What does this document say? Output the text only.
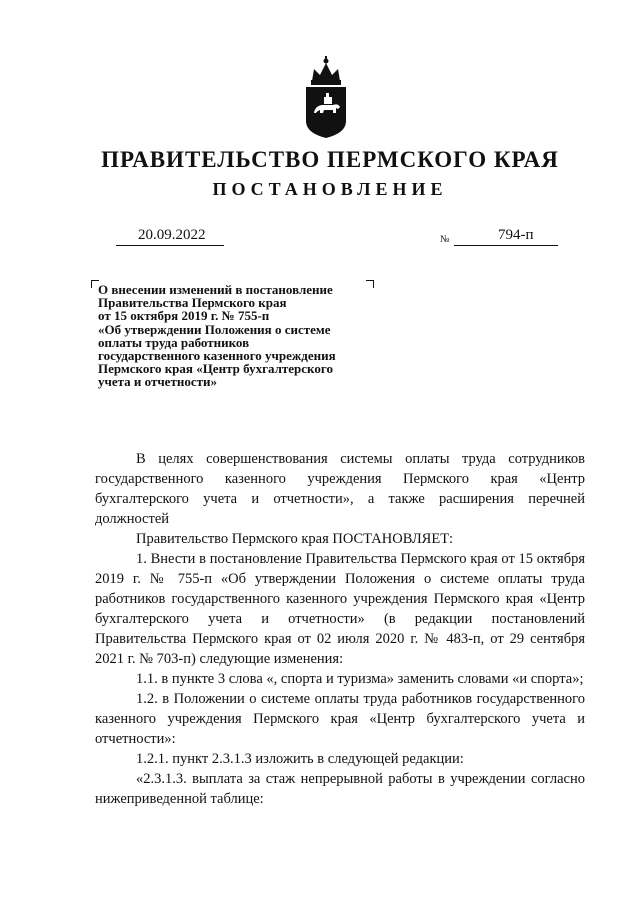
ПРАВИТЕЛЬСТВО ПЕРМСКОГО КРАЯ
ПОСТАНОВЛЕНИЕ
20.09.2022	№	794-п
О внесении изменений в постановление
Правительства Пермского края
от 15 октября 2019 г. № 755-п
«Об утверждении Положения о системе
оплаты труда работников
государственного казенного учреждения
Пермского края «Центр бухгалтерского
учета и отчетности»

В целях совершенствования системы оплаты труда сотрудников государственного казенного учреждения Пермского края «Центр бухгалтерского учета и отчетности», а также расширения перечней должностей

Правительство Пермского края ПОСТАНОВЛЯЕТ:

1. Внести в постановление Правительства Пермского края от 15 октября 2019 г. № 755-п «Об утверждении Положения о системе оплаты труда работников государственного казенного учреждения Пермского края «Центр бухгалтерского учета и отчетности» (в редакции постановлений Правительства Пермского края от 02 июля 2020 г. № 483-п, от 29 сентября 2021 г. № 703-п) следующие изменения:

1.1. в пункте 3 слова «, спорта и туризма» заменить словами «и спорта»;

1.2. в Положении о системе оплаты труда работников государственного казенного учреждения Пермского края «Центр бухгалтерского учета и отчетности»:

1.2.1. пункт 2.3.1.3 изложить в следующей редакции:

«2.3.1.3. выплата за стаж непрерывной работы в учреждении согласно нижеприведенной таблице:
